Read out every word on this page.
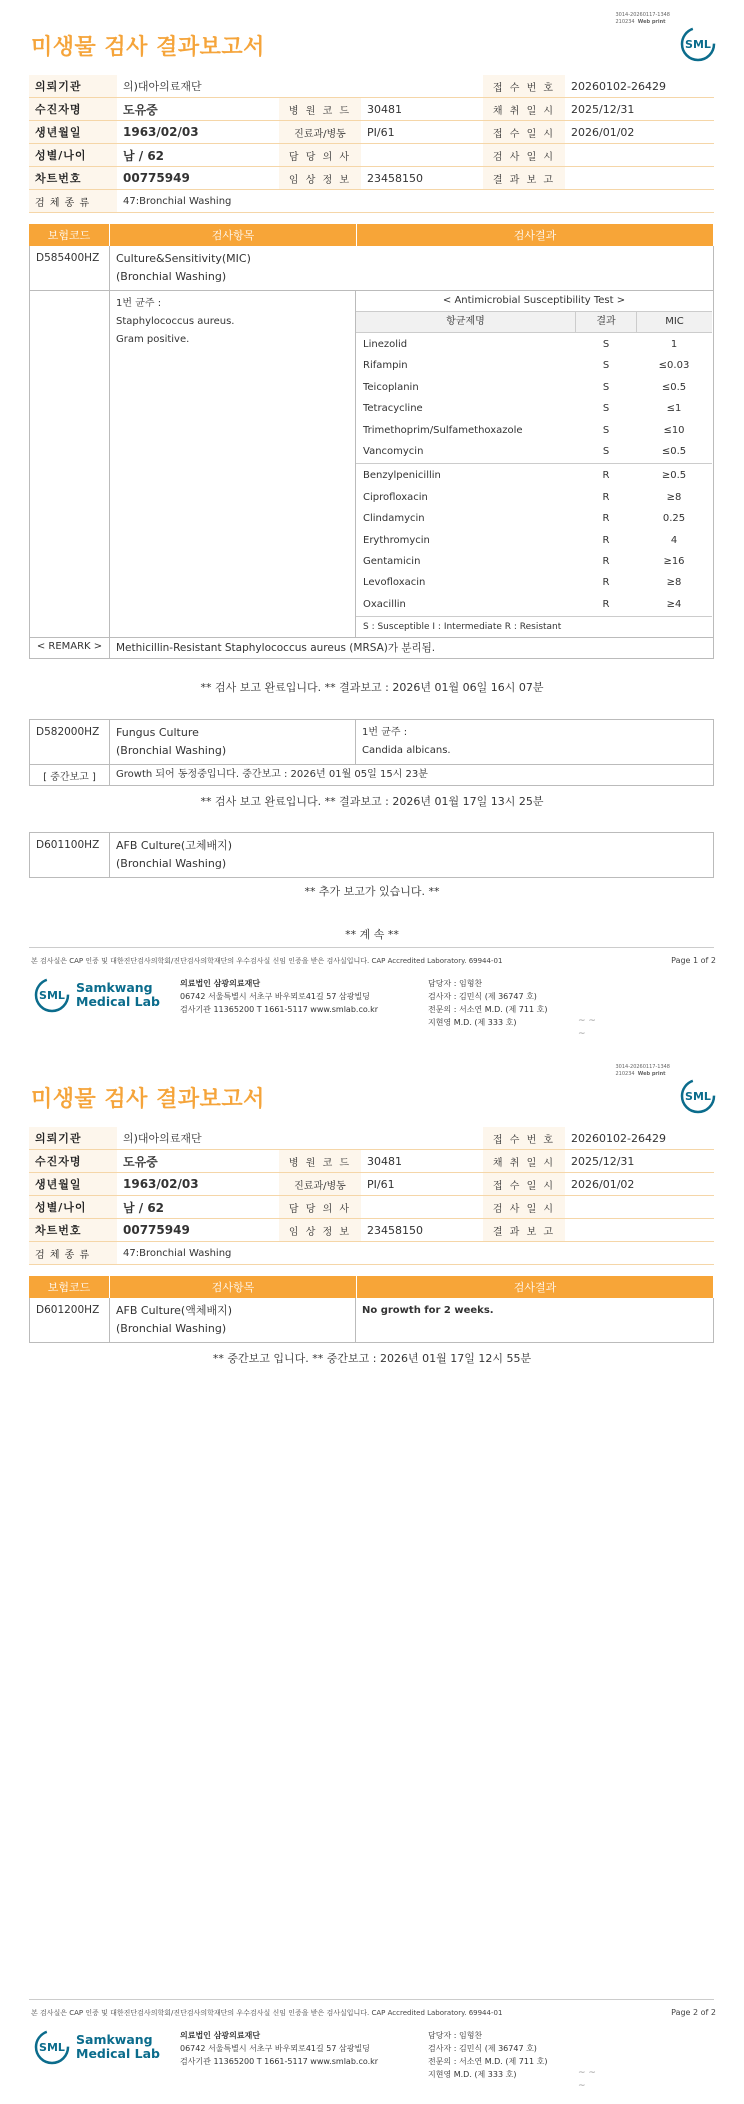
3014-20260117-1348
210234 Web print
미생물 검사 결과보고서	SML
의뢰기관	의)대아의료재단			접 수 번 호	20260102-26429
수진자명	도유중	병 원 코 드	30481	채 취 일 시	2025/12/31
생년월일	1963/02/03	진료과/병동	PI/61	접 수 일 시	2026/01/02
성별/나이	남 / 62	담 당 의 사		검 사 일 시	
차트번호	00775949	임 상 정 보	23458150	결 과 보 고	
검 체 종 류	47:Bronchial Washing				
보험코드	검사항목	검사결과
D585400HZ	Culture&Sensitivity(MIC)
(Bronchial Washing)
1번 균주 :
Staphylococcus aureus.
Gram positive.
< Antimicrobial Susceptibility Test >
항균제명	결과	MIC
Linezolid	S	1
Rifampin	S	≤0.03
Teicoplanin	S	≤0.5
Tetracycline	S	≤1
Trimethoprim/Sulfamethoxazole	S	≤10
Vancomycin	S	≤0.5
Benzylpenicillin	R	≥0.5
Ciprofloxacin	R	≥8
Clindamycin	R	0.25
Erythromycin	R	4
Gentamicin	R	≥16
Levofloxacin	R	≥8
Oxacillin	R	≥4
S : Susceptible I : Intermediate R : Resistant
< REMARK >	Methicillin-Resistant Staphylococcus aureus (MRSA)가 분리됨.
** 검사 보고 완료입니다. ** 결과보고 : 2026년 01월 06일 16시 07분
D582000HZ	Fungus Culture
(Bronchial Washing)
1번 균주 :
Candida albicans.
[ 중간보고 ]	Growth 되어 동정중입니다. 중간보고 : 2026년 01월 05일 15시 23분
** 검사 보고 완료입니다. ** 결과보고 : 2026년 01월 17일 13시 25분
D601100HZ	AFB Culture(고체배지)
(Bronchial Washing)
** 추가 보고가 있습니다. **
** 계 속 **
본 검사실은 CAP 인증 및 대한진단검사의학회/진단검사의학재단의 우수검사실 신임 인증을 받은 검사실입니다. CAP Accredited Laboratory. 69944-01	Page 1 of 2
SML
Samkwang
Medical Lab
의료법인 삼광의료재단
06742 서울특별시 서초구 바우뫼로41길 57 삼광빌딩
검사기관 11365200 T 1661-5117 www.smlab.co.kr
담당자 : 임형찬
검사자 : 김민식 (제 36747 호)
전문의 : 서소연 M.D. (제 711 호)
지현영 M.D. (제 333 호)	~ ~
~
3014-20260117-1348
210234 Web print
미생물 검사 결과보고서	SML
의뢰기관	의)대아의료재단			접 수 번 호	20260102-26429
수진자명	도유중	병 원 코 드	30481	채 취 일 시	2025/12/31
생년월일	1963/02/03	진료과/병동	PI/61	접 수 일 시	2026/01/02
성별/나이	남 / 62	담 당 의 사		검 사 일 시	
차트번호	00775949	임 상 정 보	23458150	결 과 보 고	
검 체 종 류	47:Bronchial Washing				
보험코드	검사항목	검사결과
D601200HZ	AFB Culture(액체배지)
(Bronchial Washing)
No growth for 2 weeks.
** 중간보고 입니다. ** 중간보고 : 2026년 01월 17일 12시 55분
본 검사실은 CAP 인증 및 대한진단검사의학회/진단검사의학재단의 우수검사실 신임 인증을 받은 검사실입니다. CAP Accredited Laboratory. 69944-01	Page 2 of 2
SML
Samkwang
Medical Lab
의료법인 삼광의료재단
06742 서울특별시 서초구 바우뫼로41길 57 삼광빌딩
검사기관 11365200 T 1661-5117 www.smlab.co.kr
담당자 : 임형찬
검사자 : 김민식 (제 36747 호)
전문의 : 서소연 M.D. (제 711 호)
지현영 M.D. (제 333 호)	~ ~
~
